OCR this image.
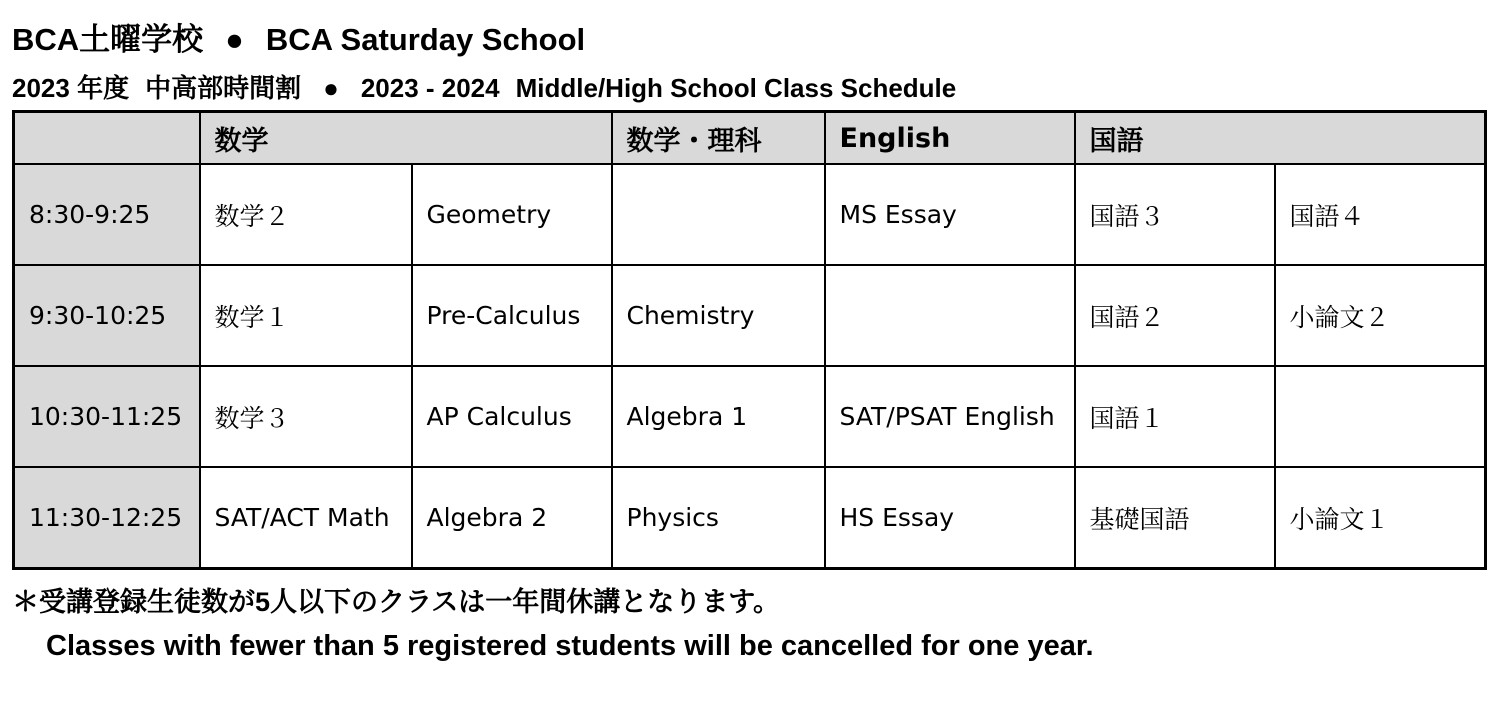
BCA土曜学校 ● BCA Saturday School
2023 年度 中高部時間割 ● 2023 - 2024 Middle/High School Class Schedule
	数学		数学・理科	English	国語	
8:30-9:25	数学２	Geometry		MS Essay	国語３	国語４
9:30-10:25	数学１	Pre-Calculus	Chemistry		国語２	小論文２
10:30-11:25	数学３	AP Calculus	Algebra 1	SAT/PSAT English	国語１	
11:30-12:25	SAT/ACT Math	Algebra 2	Physics	HS Essay	基礎国語	小論文１
＊受講登録生徒数が5人以下のクラスは一年間休講となります。
Classes with fewer than 5 registered students will be cancelled for one year.
